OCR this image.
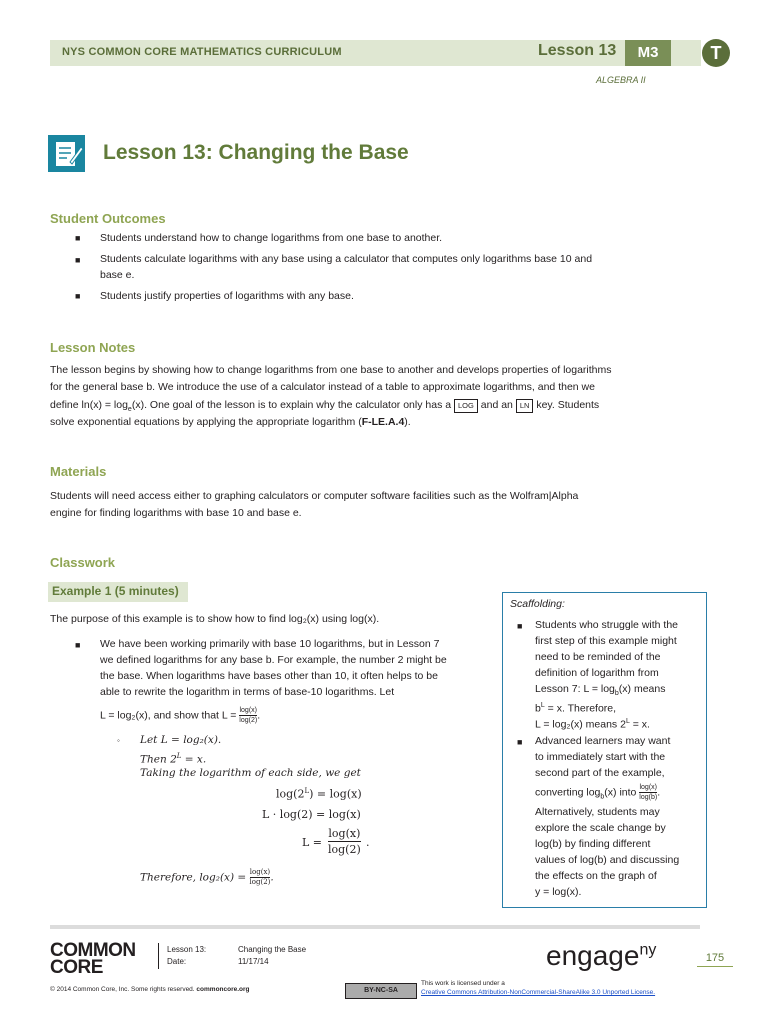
NYS COMMON CORE MATHEMATICS CURRICULUM	Lesson 13	M3	T
ALGEBRA II
Lesson 13: Changing the Base
Student Outcomes
■ Students understand how to change logarithms from one base to another.
■ Students calculate logarithms with any base using a calculator that computes only logarithms base 10 and
base e.
■ Students justify properties of logarithms with any base.
Lesson Notes
The lesson begins by showing how to change logarithms from one base to another and develops properties of logarithms
for the general base b. We introduce the use of a calculator instead of a table to approximate logarithms, and then we
define $\ln(x) = \log_e(x)$. One goal of the lesson is to explain why the calculator only has a LOG and an LN key. Students
solve exponential equations by applying the appropriate logarithm (F-LE.A.4).
Materials
Students will need access either to graphing calculators or computer software facilities such as the Wolfram|Alpha
engine for finding logarithms with base 10 and base e.
Classwork
Example 1 (5 minutes)
The purpose of this example is to show how to find log₂(x) using log(x).
■ We have been working primarily with base 10 logarithms, but in Lesson 7
we defined logarithms for any base b. For example, the number 2 might be
the base. When logarithms have bases other than 10, it often helps to be
able to rewrite the logarithm in terms of base-10 logarithms. Let
L = log₂(x), and show that $L = \frac{\log(x)}{\log(2)}$ .
◦ Let L = log₂(x).
Then $2^L = x$.
Taking the logarithm of each side, we get
$\log(2^L) = \log(x)$
L · log(2) = log(x)
L =
log(x)
log(2)
.
Therefore, $\log_2(x) = \frac{\log(x)}{\log(2)}$ .
Scaffolding:
■ Students who struggle with the
first step of this example might
need to be reminded of the
definition of logarithm from
Lesson 7: $L = \log_b(x)$ means
$b^L = x$. Therefore,
L = log₂(x) means $2^L = x$.
■ Advanced learners may want
to immediately start with the
second part of the example,
converting $\log_b(x)$ into $\frac{\log(x)}{\log(b)}$ .
Alternatively, students may
explore the scale change by
log(b) by finding different
values of log(b) and discussing
the effects on the graph of
y = log(x).
COMMON
CORE
Lesson 13:	Changing the Base
Date:	11/17/14	engage$^{ny}$	175
© 2014 Common Core, Inc. Some rights reserved. commoncore.org	BY-NC-SA
This work is licensed under a
Creative Commons Attribution-NonCommercial-ShareAlike 3.0 Unported License.
